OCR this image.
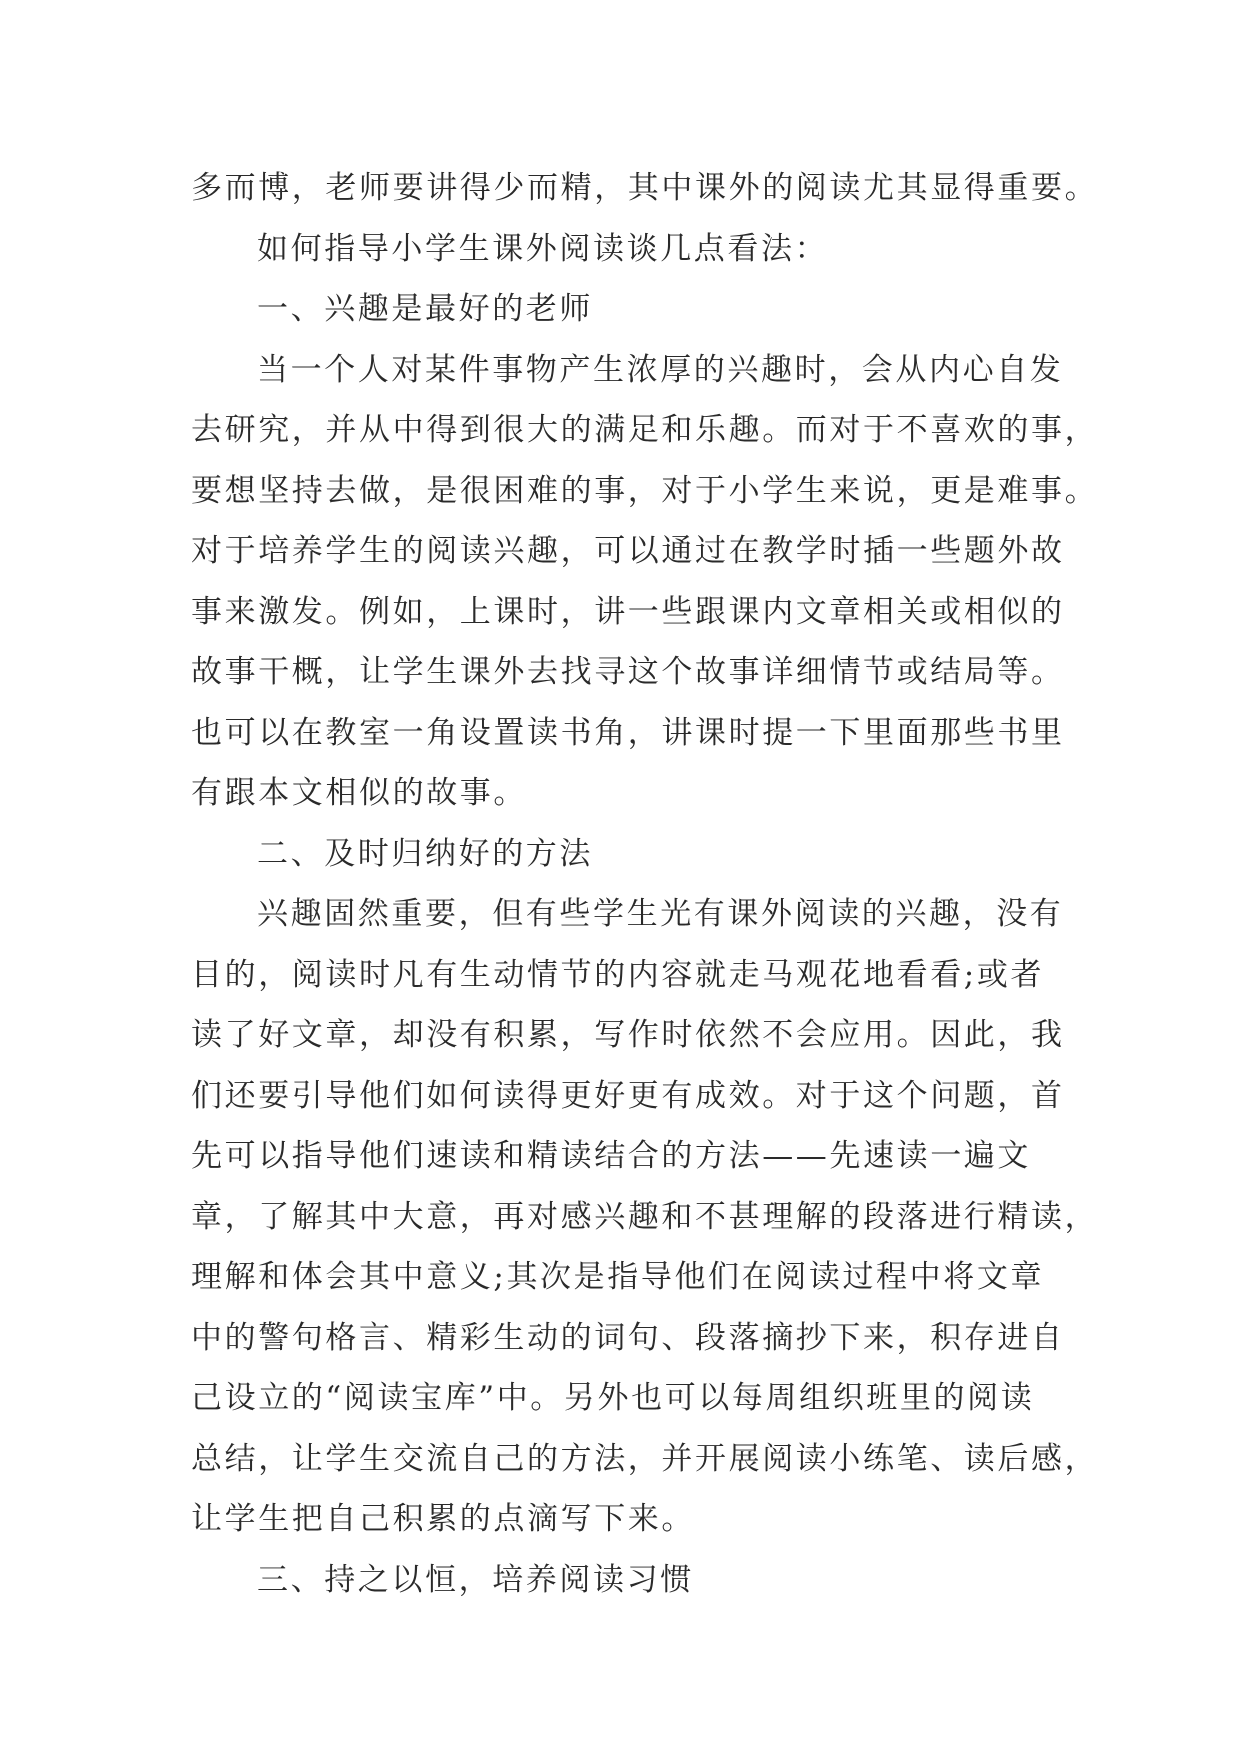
多而博，老师要讲得少而精，其中课外的阅读尤其显得重要。
如何指导小学生课外阅读谈几点看法：
一、兴趣是最好的老师
当一个人对某件事物产生浓厚的兴趣时，会从内心自发
去研究，并从中得到很大的满足和乐趣。而对于不喜欢的事，
要想坚持去做，是很困难的事，对于小学生来说，更是难事。
对于培养学生的阅读兴趣，可以通过在教学时插一些题外故
事来激发。例如，上课时，讲一些跟课内文章相关或相似的
故事干概，让学生课外去找寻这个故事详细情节或结局等。
也可以在教室一角设置读书角，讲课时提一下里面那些书里
有跟本文相似的故事。
二、及时归纳好的方法
兴趣固然重要，但有些学生光有课外阅读的兴趣，没有
目的，阅读时凡有生动情节的内容就走马观花地看看;或者
读了好文章，却没有积累，写作时依然不会应用。因此，我
们还要引导他们如何读得更好更有成效。对于这个问题，首
先可以指导他们速读和精读结合的方法——先速读一遍文
章，了解其中大意，再对感兴趣和不甚理解的段落进行精读，
理解和体会其中意义;其次是指导他们在阅读过程中将文章
中的警句格言、精彩生动的词句、段落摘抄下来，积存进自
己设立的“阅读宝库”中。另外也可以每周组织班里的阅读
总结，让学生交流自己的方法，并开展阅读小练笔、读后感，
让学生把自己积累的点滴写下来。
三、持之以恒，培养阅读习惯
